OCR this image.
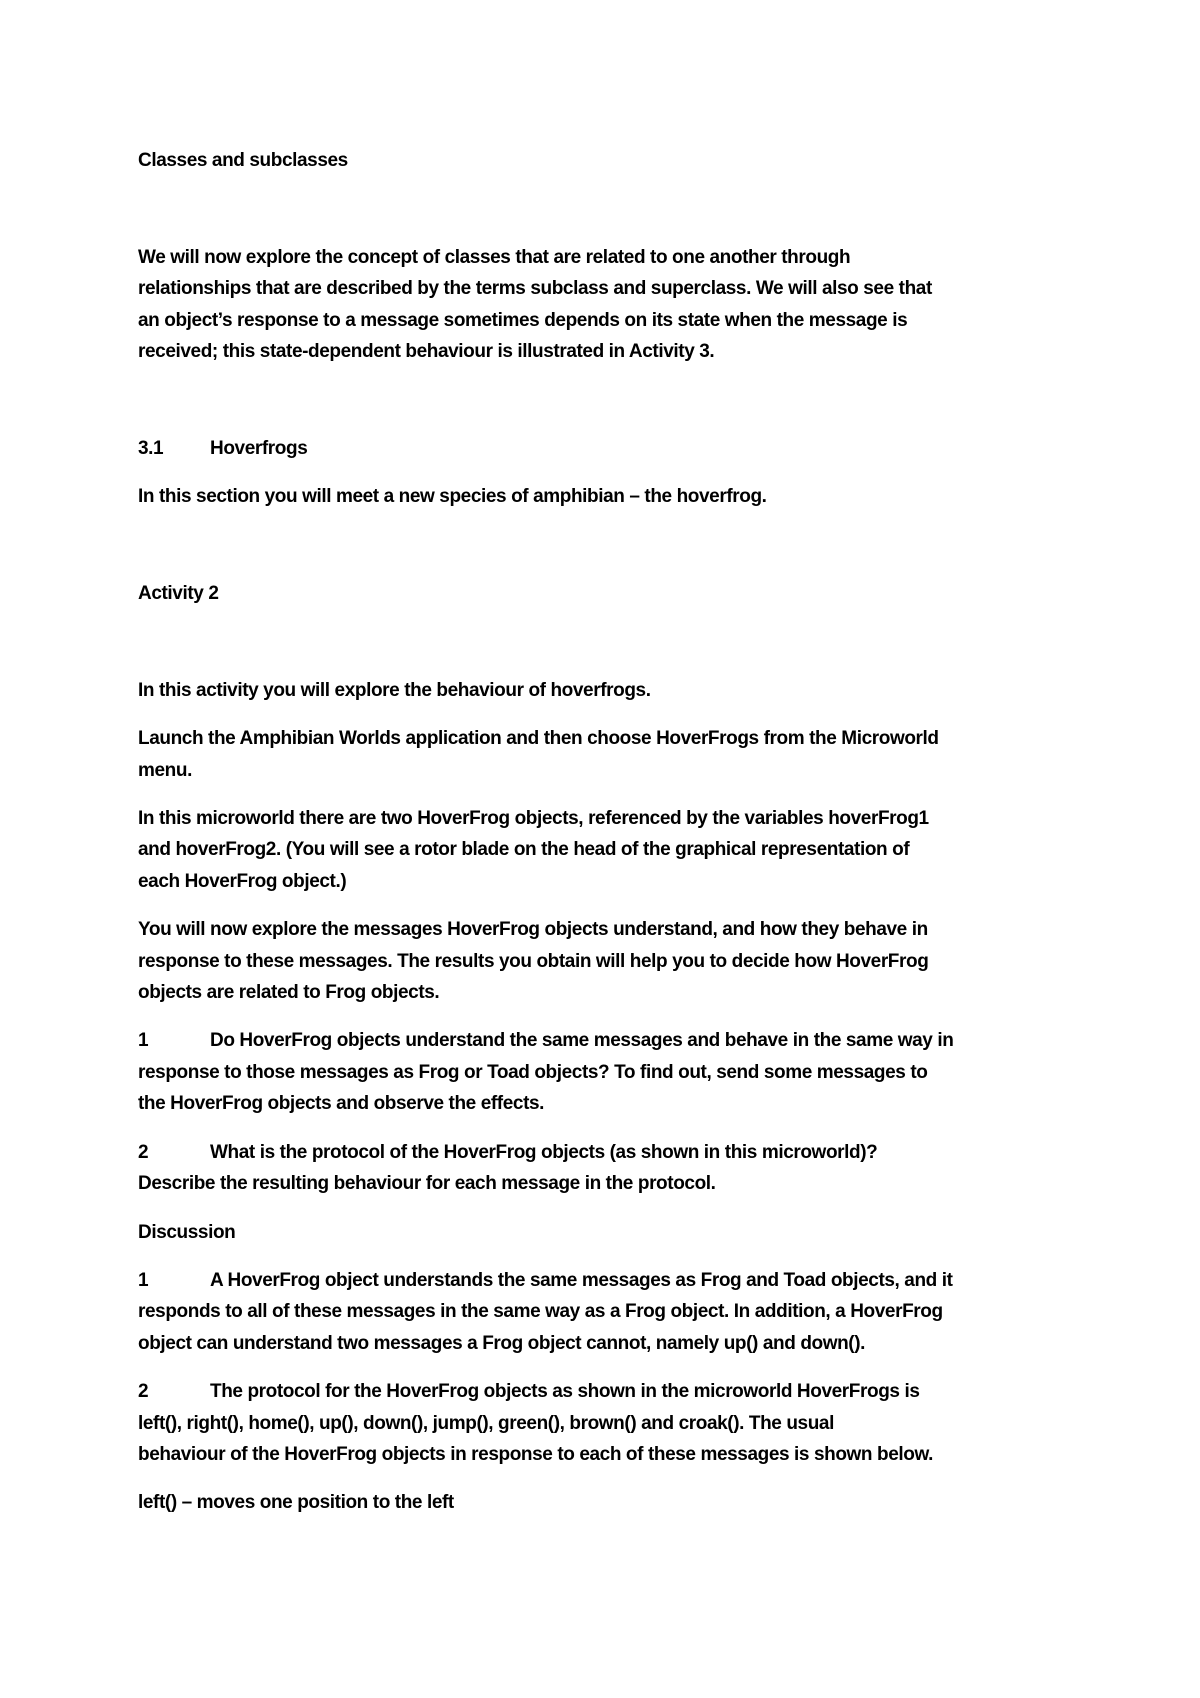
Classes and subclasses
We will now explore the concept of classes that are related to one another through
relationships that are described by the terms subclass and superclass. We will also see that
an object’s response to a message sometimes depends on its state when the message is
received; this state-dependent behaviour is illustrated in Activity 3.
3.1	Hoverfrogs
In this section you will meet a new species of amphibian – the hoverfrog.
Activity 2
In this activity you will explore the behaviour of hoverfrogs.
Launch the Amphibian Worlds application and then choose HoverFrogs from the Microworld
menu.
In this microworld there are two HoverFrog objects, referenced by the variables hoverFrog1
and hoverFrog2. (You will see a rotor blade on the head of the graphical representation of
each HoverFrog object.)
You will now explore the messages HoverFrog objects understand, and how they behave in
response to these messages. The results you obtain will help you to decide how HoverFrog
objects are related to Frog objects.
1	Do HoverFrog objects understand the same messages and behave in the same way in
response to those messages as Frog or Toad objects? To find out, send some messages to
the HoverFrog objects and observe the effects.
2	What is the protocol of the HoverFrog objects (as shown in this microworld)?
Describe the resulting behaviour for each message in the protocol.
Discussion
1	A HoverFrog object understands the same messages as Frog and Toad objects, and it
responds to all of these messages in the same way as a Frog object. In addition, a HoverFrog
object can understand two messages a Frog object cannot, namely up() and down().
2	The protocol for the HoverFrog objects as shown in the microworld HoverFrogs is
left(), right(), home(), up(), down(), jump(), green(), brown() and croak(). The usual
behaviour of the HoverFrog objects in response to each of these messages is shown below.
left() – moves one position to the left
